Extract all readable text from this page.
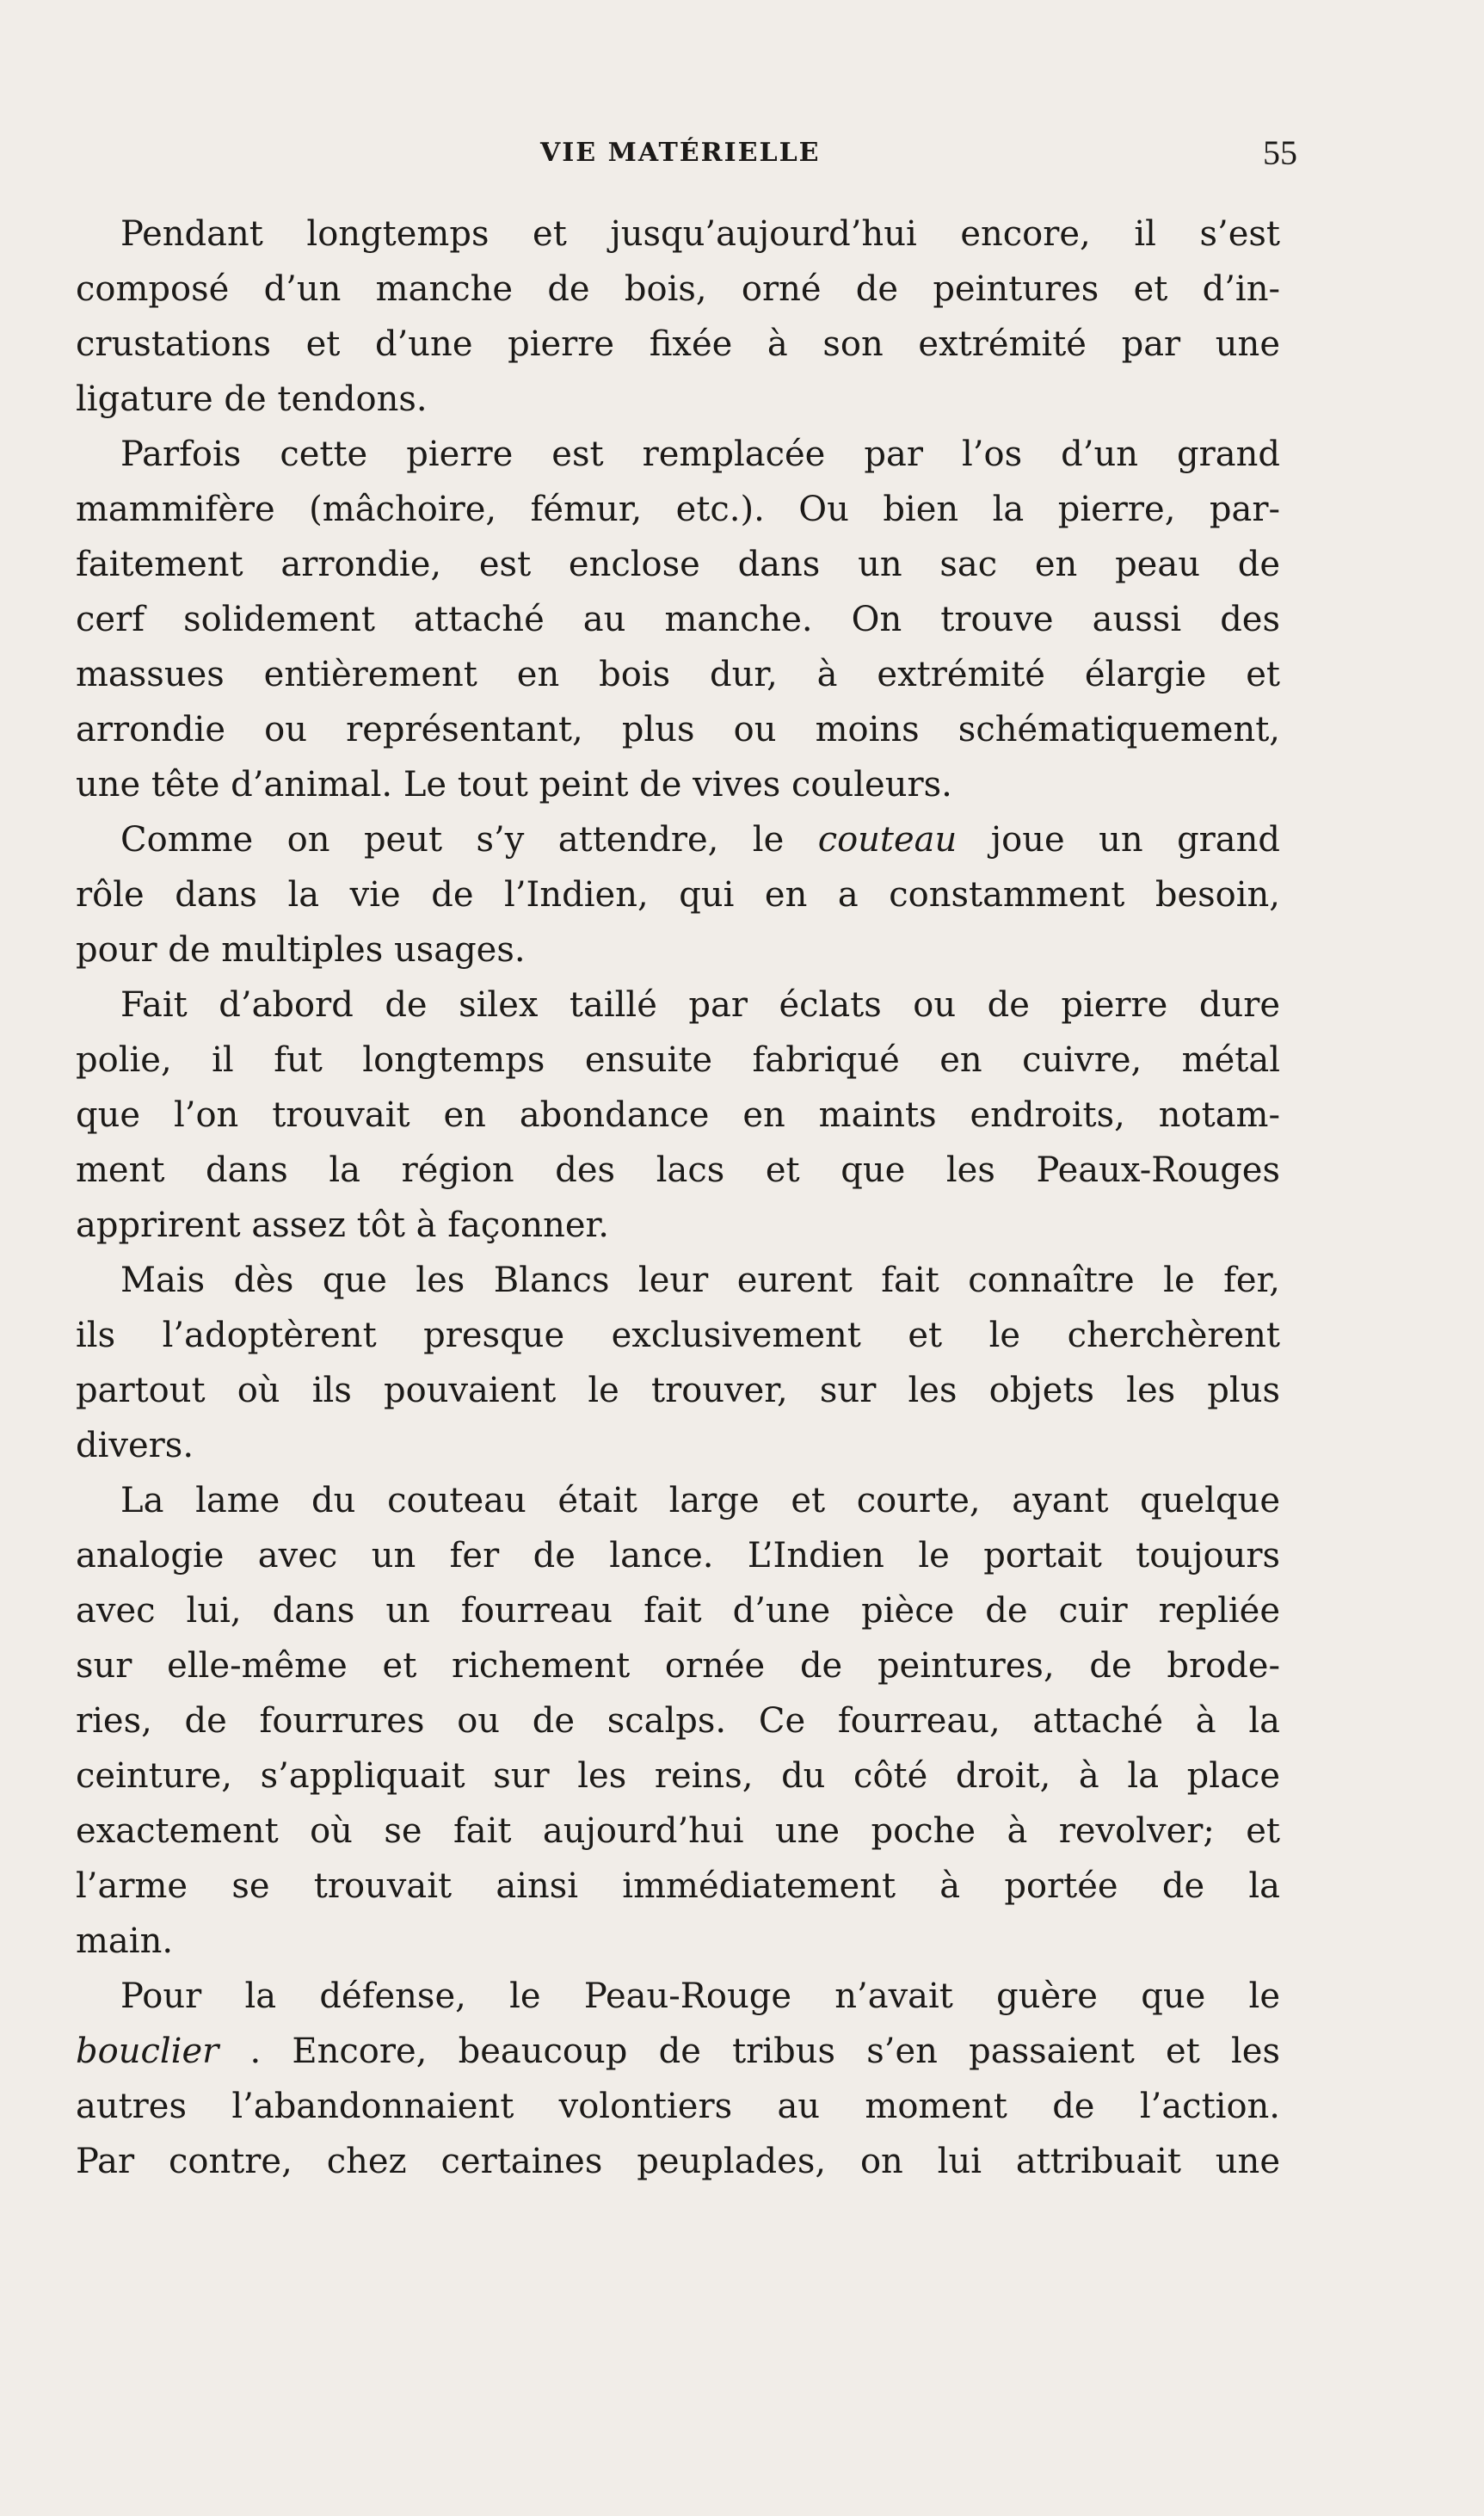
VIE MATÉRIELLE	55
Pendant longtemps et jusqu’aujourd’hui encore, il s’est
composé d’un manche de bois, orné de peintures et d’in-
crustations et d’une pierre fixée à son extrémité par une
ligature de tendons.
Parfois cette pierre est remplacée par l’os d’un grand
mammifère (mâchoire, fémur, etc.). Ou bien la pierre, par-
faitement arrondie, est enclose dans un sac en peau de
cerf solidement attaché au manche. On trouve aussi des
massues entièrement en bois dur, à extrémité élargie et
arrondie ou représentant, plus ou moins schématiquement,
une tête d’animal. Le tout peint de vives couleurs.
Comme on peut s’y attendre, le couteau joue un grand
rôle dans la vie de l’Indien, qui en a constamment besoin,
pour de multiples usages.
Fait d’abord de silex taillé par éclats ou de pierre dure
polie, il fut longtemps ensuite fabriqué en cuivre, métal
que l’on trouvait en abondance en maints endroits, notam-
ment dans la région des lacs et que les Peaux-Rouges
apprirent assez tôt à façonner.
Mais dès que les Blancs leur eurent fait connaître le fer,
ils l’adoptèrent presque exclusivement et le cherchèrent
partout où ils pouvaient le trouver, sur les objets les plus
divers.
La lame du couteau était large et courte, ayant quelque
analogie avec un fer de lance. L’Indien le portait toujours
avec lui, dans un fourreau fait d’une pièce de cuir repliée
sur elle-même et richement ornée de peintures, de brode-
ries, de fourrures ou de scalps. Ce fourreau, attaché à la
ceinture, s’appliquait sur les reins, du côté droit, à la place
exactement où se fait aujourd’hui une poche à revolver; et
l’arme se trouvait ainsi immédiatement à portée de la
main.
Pour la défense, le Peau-Rouge n’avait guère que le
bouclier . Encore, beaucoup de tribus s’en passaient et les
autres l’abandonnaient volontiers au moment de l’action.
Par contre, chez certaines peuplades, on lui attribuait une
